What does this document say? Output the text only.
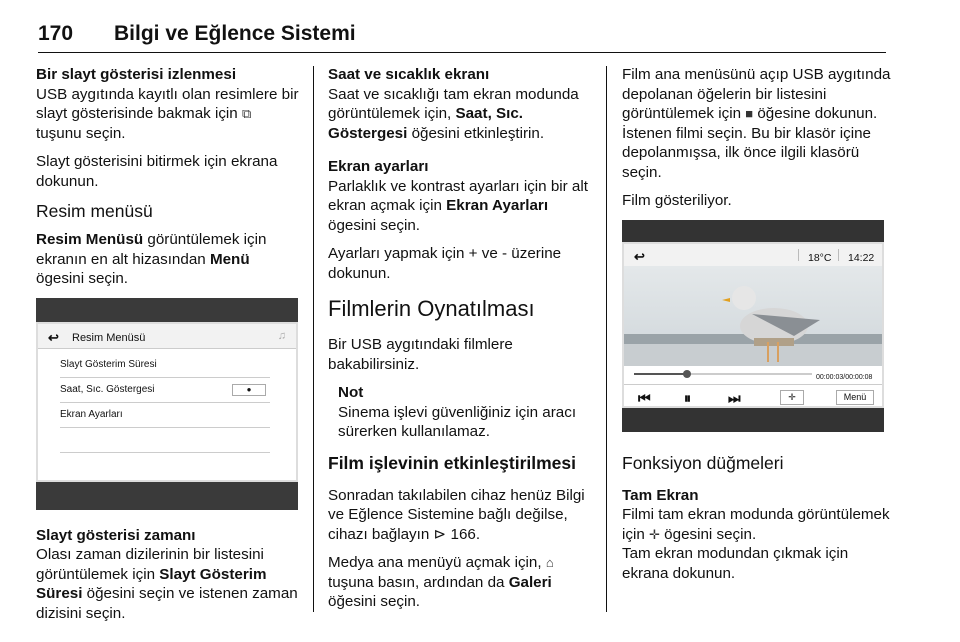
170 Bilgi ve Eğlence Sistemi

Bir slayt gösterisi izlenmesi

USB aygıtında kayıtlı olan resimlere bir slayt gösterisinde bakmak için ⧉
tuşunu seçin.

Slayt gösterisini bitirmek için ekrana dokunun.

Resim menüsü

Resim Menüsü görüntülemek için ekranın en alt hizasından Menü
ögesini seçin.

↩ Resim Menüsü	♫
Slayt Gösterim Süresi
Saat, Sıc. Göstergesi	●
Ekran Ayarları

Slayt gösterisi zamanı

Olası zaman dizilerinin bir listesini görüntülemek için Slayt Gösterim Süresi öğesini seçin ve istenen zaman dizisini seçin.

Saat ve sıcaklık ekranı

Saat ve sıcaklığı tam ekran modunda görüntülemek için, Saat, Sıc. Göstergesi öğesini etkinleştirin.

Ekran ayarları

Parlaklık ve kontrast ayarları için bir alt ekran açmak için Ekran Ayarları ögesini seçin.

Ayarları yapmak için + ve - üzerine dokunun.

Filmlerin Oynatılması

Bir USB aygıtındaki filmlere bakabilirsiniz.

Not
Sinema işlevi güvenliğiniz için aracı sürerken kullanılamaz.

Film işlevinin etkinleştirilmesi

Sonradan takılabilen cihaz henüz Bilgi ve Eğlence Sistemine bağlı değilse, cihazı bağlayın ⊳ 166.

Medya ana menüyü açmak için, ⌂
tuşuna basın, ardından da Galeri öğesini seçin.

Film ana menüsünü açıp USB aygıtında depolanan öğelerin bir listesini görüntülemek için ■ öğesine dokunun. İstenen filmi seçin. Bu bir klasör içine depolanmışsa, ilk önce ilgili klasörü seçin.

Film gösteriliyor.

↩	18°C 14:22
00:00:03/00:00:08
⏮ ⏸	⏭	✛	Menü

Fonksiyon düğmeleri

Tam Ekran

Filmi tam ekran modunda görüntülemek için ✛ ögesini seçin.
Tam ekran modundan çıkmak için ekrana dokunun.
